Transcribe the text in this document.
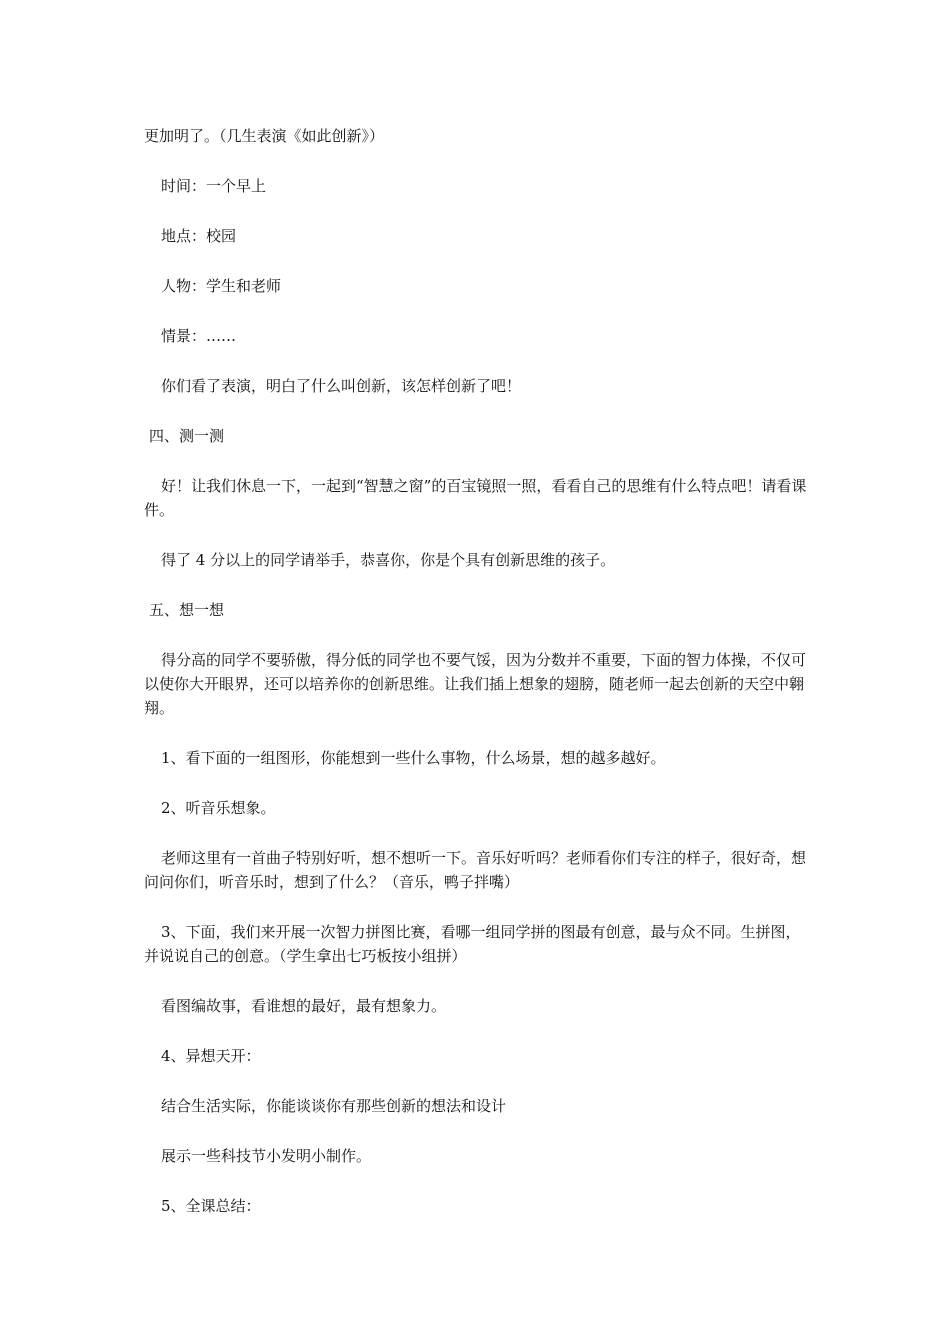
更加明了。（几生表演《如此创新》）

时间：一个早上

地点：校园

人物：学生和老师

情景：……

你们看了表演，明白了什么叫创新，该怎样创新了吧！

四、测一测

好！让我们休息一下，一起到“智慧之窗”的百宝镜照一照，看看自己的思维有什么特点吧！请看课件。

得了 4 分以上的同学请举手，恭喜你，你是个具有创新思维的孩子。

五、想一想

得分高的同学不要骄傲，得分低的同学也不要气馁，因为分数并不重要，下面的智力体操，不仅可以使你大开眼界，还可以培养你的创新思维。让我们插上想象的翅膀，随老师一起去创新的天空中翱翔。

1、看下面的一组图形，你能想到一些什么事物，什么场景，想的越多越好。

2、听音乐想象。

老师这里有一首曲子特别好听，想不想听一下。音乐好听吗？老师看你们专注的样子，很好奇，想问问你们，听音乐时，想到了什么？（音乐，鸭子拌嘴）

3、下面，我们来开展一次智力拼图比赛，看哪一组同学拼的图最有创意，最与众不同。生拼图，并说说自己的创意。（学生拿出七巧板按小组拼）

看图编故事，看谁想的最好，最有想象力。

4、异想天开：

结合生活实际，你能谈谈你有那些创新的想法和设计

展示一些科技节小发明小制作。

5、全课总结：
